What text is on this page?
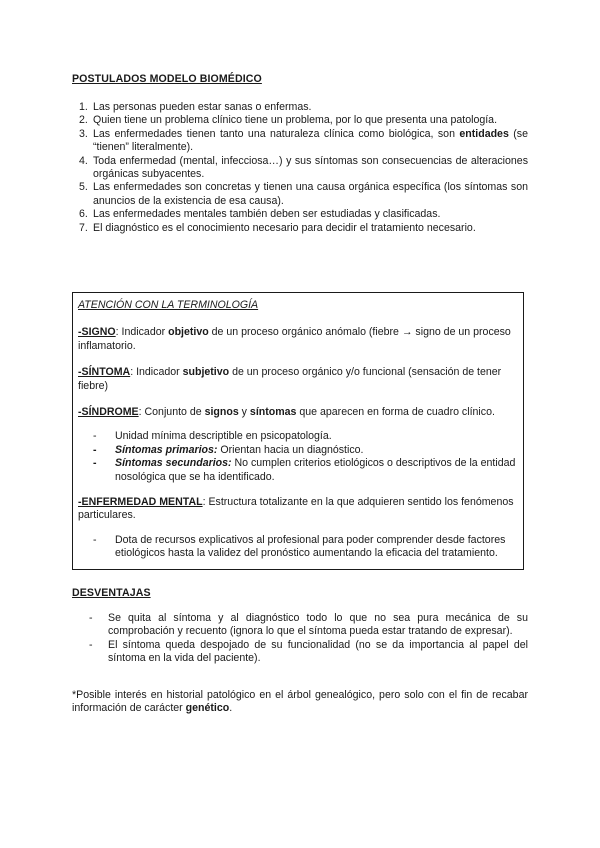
POSTULADOS MODELO BIOMÉDICO
1. Las personas pueden estar sanas o enfermas.
2. Quien tiene un problema clínico tiene un problema, por lo que presenta una patología.
3. Las enfermedades tienen tanto una naturaleza clínica como biológica, son entidades (se “tienen” literalmente).
4. Toda enfermedad (mental, infecciosa…) y sus síntomas son consecuencias de alteraciones orgánicas subyacentes.
5. Las enfermedades son concretas y tienen una causa orgánica específica (los síntomas son anuncios de la existencia de esa causa).
6. Las enfermedades mentales también deben ser estudiadas y clasificadas.
7. El diagnóstico es el conocimiento necesario para decidir el tratamiento necesario.
ATENCIÓN CON LA TERMINOLOGÍA
-SIGNO: Indicador objetivo de un proceso orgánico anómalo (fiebre → signo de un proceso inflamatorio.
-SÍNTOMA: Indicador subjetivo de un proceso orgánico y/o funcional (sensación de tener fiebre)
-SÍNDROME: Conjunto de signos y síntomas que aparecen en forma de cuadro clínico.
- Unidad mínima descriptible en psicopatología.
- Síntomas primarios: Orientan hacia un diagnóstico.
- Síntomas secundarios: No cumplen criterios etiológicos o descriptivos de la entidad nosológica que se ha identificado.
-ENFERMEDAD MENTAL: Estructura totalizante en la que adquieren sentido los fenómenos particulares.
- Dota de recursos explicativos al profesional para poder comprender desde factores etiológicos hasta la validez del pronóstico aumentando la eficacia del tratamiento.
DESVENTAJAS
- Se quita al síntoma y al diagnóstico todo lo que no sea pura mecánica de su comprobación y recuento (ignora lo que el síntoma pueda estar tratando de expresar).
- El síntoma queda despojado de su funcionalidad (no se da importancia al papel del síntoma en la vida del paciente).
*Posible interés en historial patológico en el árbol genealógico, pero solo con el fin de recabar información de carácter genético.
